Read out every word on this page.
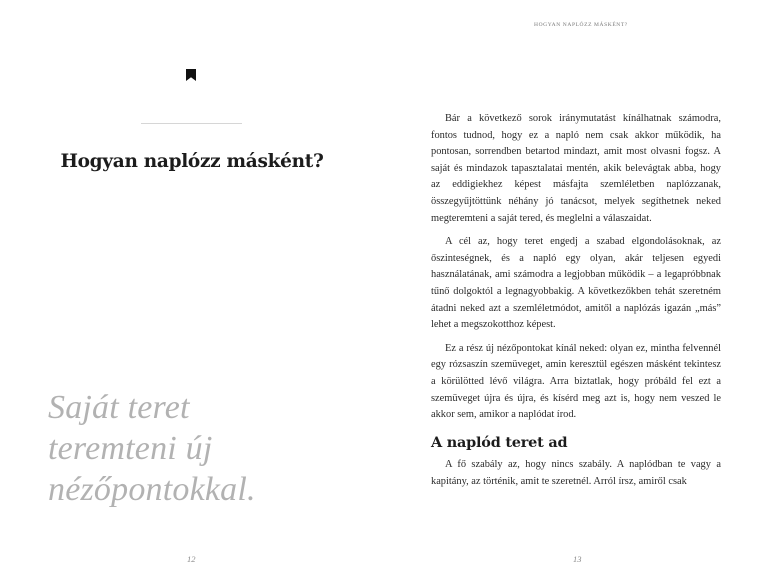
Hogyan naplózz másként?
Saját teret
teremteni új
nézőpontokkal.
12
HOGYAN NAPLÓZZ MÁSKÉNT?

Bár a következő sorok iránymutatást kínálhatnak számodra, fontos tudnod, hogy ez a napló nem csak akkor működik, ha pontosan, sorrendben betartod mindazt, amit most olvasni fogsz. A saját és mindazok tapasztalatai mentén, akik belevágtak abba, hogy az eddigiekhez képest másfajta szemléletben naplózzanak, összegyűjtöttünk néhány jó tanácsot, melyek segíthetnek neked megteremteni a saját tered, és meglelni a válaszaidat.

A cél az, hogy teret engedj a szabad elgondolásoknak, az őszinteségnek, és a napló egy olyan, akár teljesen egyedi használatának, ami számodra a legjobban működik – a legapróbbnak tűnő dolgoktól a legnagyobbakig. A következőkben tehát szeretném átadni neked azt a szemléletmódot, amitől a naplózás igazán „más” lehet a megszokotthoz képest.

Ez a rész új nézőpontokat kínál neked: olyan ez, mintha felvennél egy rózsaszín szemüveget, amin keresztül egészen másként tekintesz a körülötted lévő világra. Arra biztatlak, hogy próbáld fel ezt a szemüveget újra és újra, és kísérd meg azt is, hogy nem veszed le akkor sem, amikor a naplódat írod.

A naplód teret ad

A fő szabály az, hogy nincs szabály. A naplódban te vagy a kapitány, az történik, amit te szeretnél. Arról írsz, amiről csak

13
